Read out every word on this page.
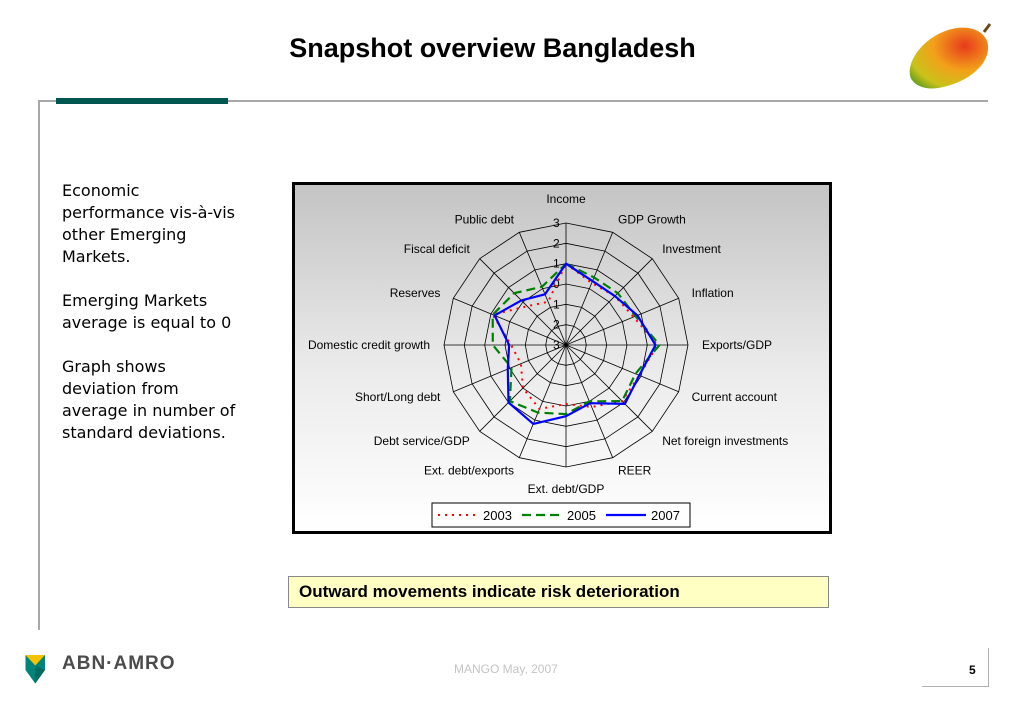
Snapshot overview Bangladesh

Economic performance vis-à-vis other Emerging Markets.

Emerging Markets average is equal to 0

Graph shows deviation from average in number of standard deviations.

3
2
1
0
1
2
3
Income
GDP Growth
Investment
Inflation
Exports/GDP
Current account
Net foreign investments
REER
Ext. debt/GDP
Ext. debt/exports
Debt service/GDP
Short/Long debt
Domestic credit growth
Reserves
Fiscal deficit
Public debt
2003	2005	2007
Outward movements indicate risk deterioration
ABN·AMRO	MANGO May, 2007	5
